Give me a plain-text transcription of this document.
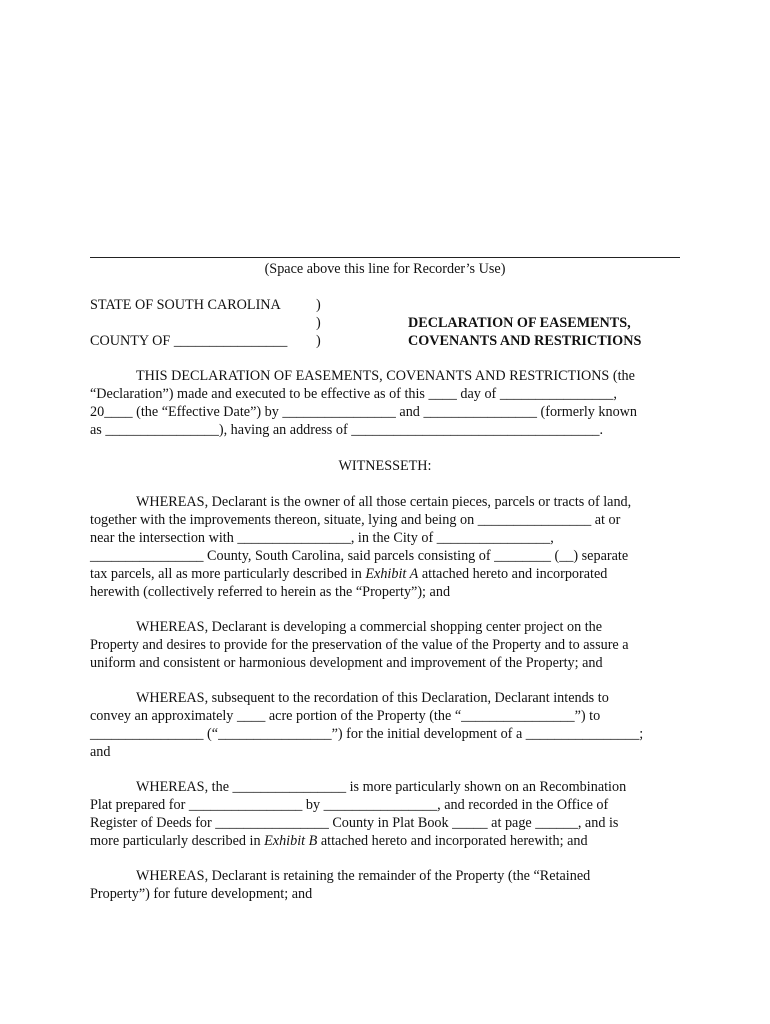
(Space above this line for Recorder’s Use)
STATE OF SOUTH CAROLINA )
)
COUNTY OF ________________ )
DECLARATION OF EASEMENTS,
COVENANTS AND RESTRICTIONS
THIS DECLARATION OF EASEMENTS, COVENANTS AND RESTRICTIONS (the
“Declaration”) made and executed to be effective as of this ____ day of ________________,
20____ (the “Effective Date”) by ________________ and ________________ (formerly known
as ________________), having an address of ___________________________________.
WITNESSETH:
WHEREAS, Declarant is the owner of all those certain pieces, parcels or tracts of land,
together with the improvements thereon, situate, lying and being on ________________ at or
near the intersection with ________________, in the City of ________________,
________________ County, South Carolina, said parcels consisting of ________ (__) separate
tax parcels, all as more particularly described in Exhibit A attached hereto and incorporated
herewith (collectively referred to herein as the “Property”); and
WHEREAS, Declarant is developing a commercial shopping center project on the
Property and desires to provide for the preservation of the value of the Property and to assure a
uniform and consistent or harmonious development and improvement of the Property; and
WHEREAS, subsequent to the recordation of this Declaration, Declarant intends to
convey an approximately ____ acre portion of the Property (the “________________”) to
________________ (“________________”) for the initial development of a ________________;
and
WHEREAS, the ________________ is more particularly shown on an Recombination
Plat prepared for ________________ by ________________, and recorded in the Office of
Register of Deeds for ________________ County in Plat Book _____ at page ______, and is
more particularly described in Exhibit B attached hereto and incorporated herewith; and
WHEREAS, Declarant is retaining the remainder of the Property (the “Retained
Property”) for future development; and
